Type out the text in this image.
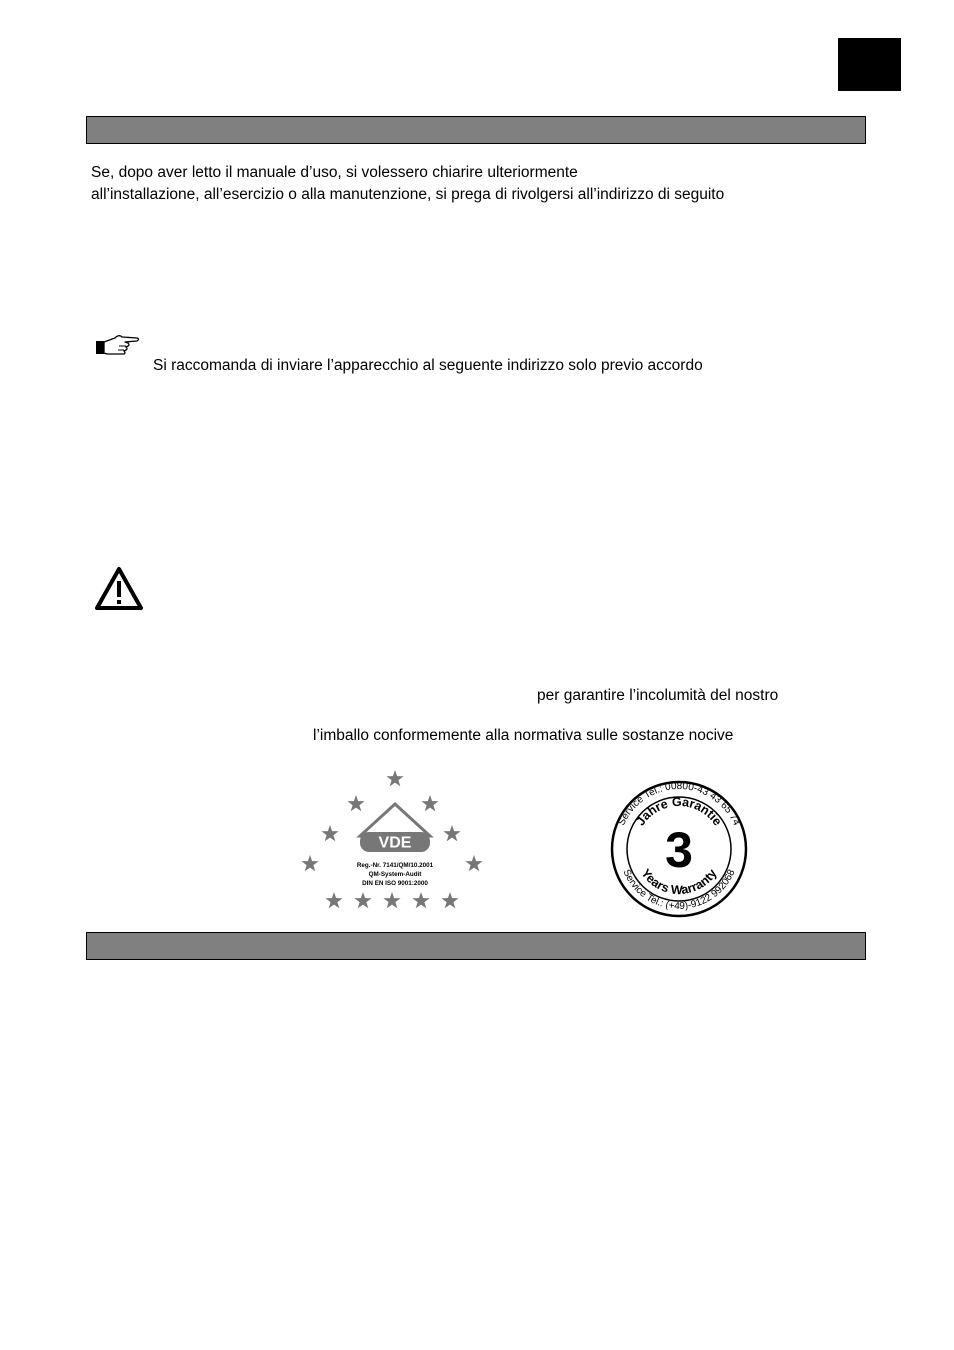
Se, dopo aver letto il manuale d’uso, si volessero chiarire ulteriormente
all’installazione, all’esercizio o alla manutenzione, si prega di rivolgersi all’indirizzo di seguito
Si raccomanda di inviare l’apparecchio al seguente indirizzo solo previo accordo
per garantire l’incolumità del nostro
l’imballo conformemente alla normativa sulle sostanze nocive
VDE
Reg.-Nr. 7141/QM/10.2001
QM-System-Audit
DIN EN ISO 9001:2000
Service Tel.: 00800-43 43 65 74
Service Tel.: (+49)-9122 992068
Jahre Garantie
Years Warranty
3
